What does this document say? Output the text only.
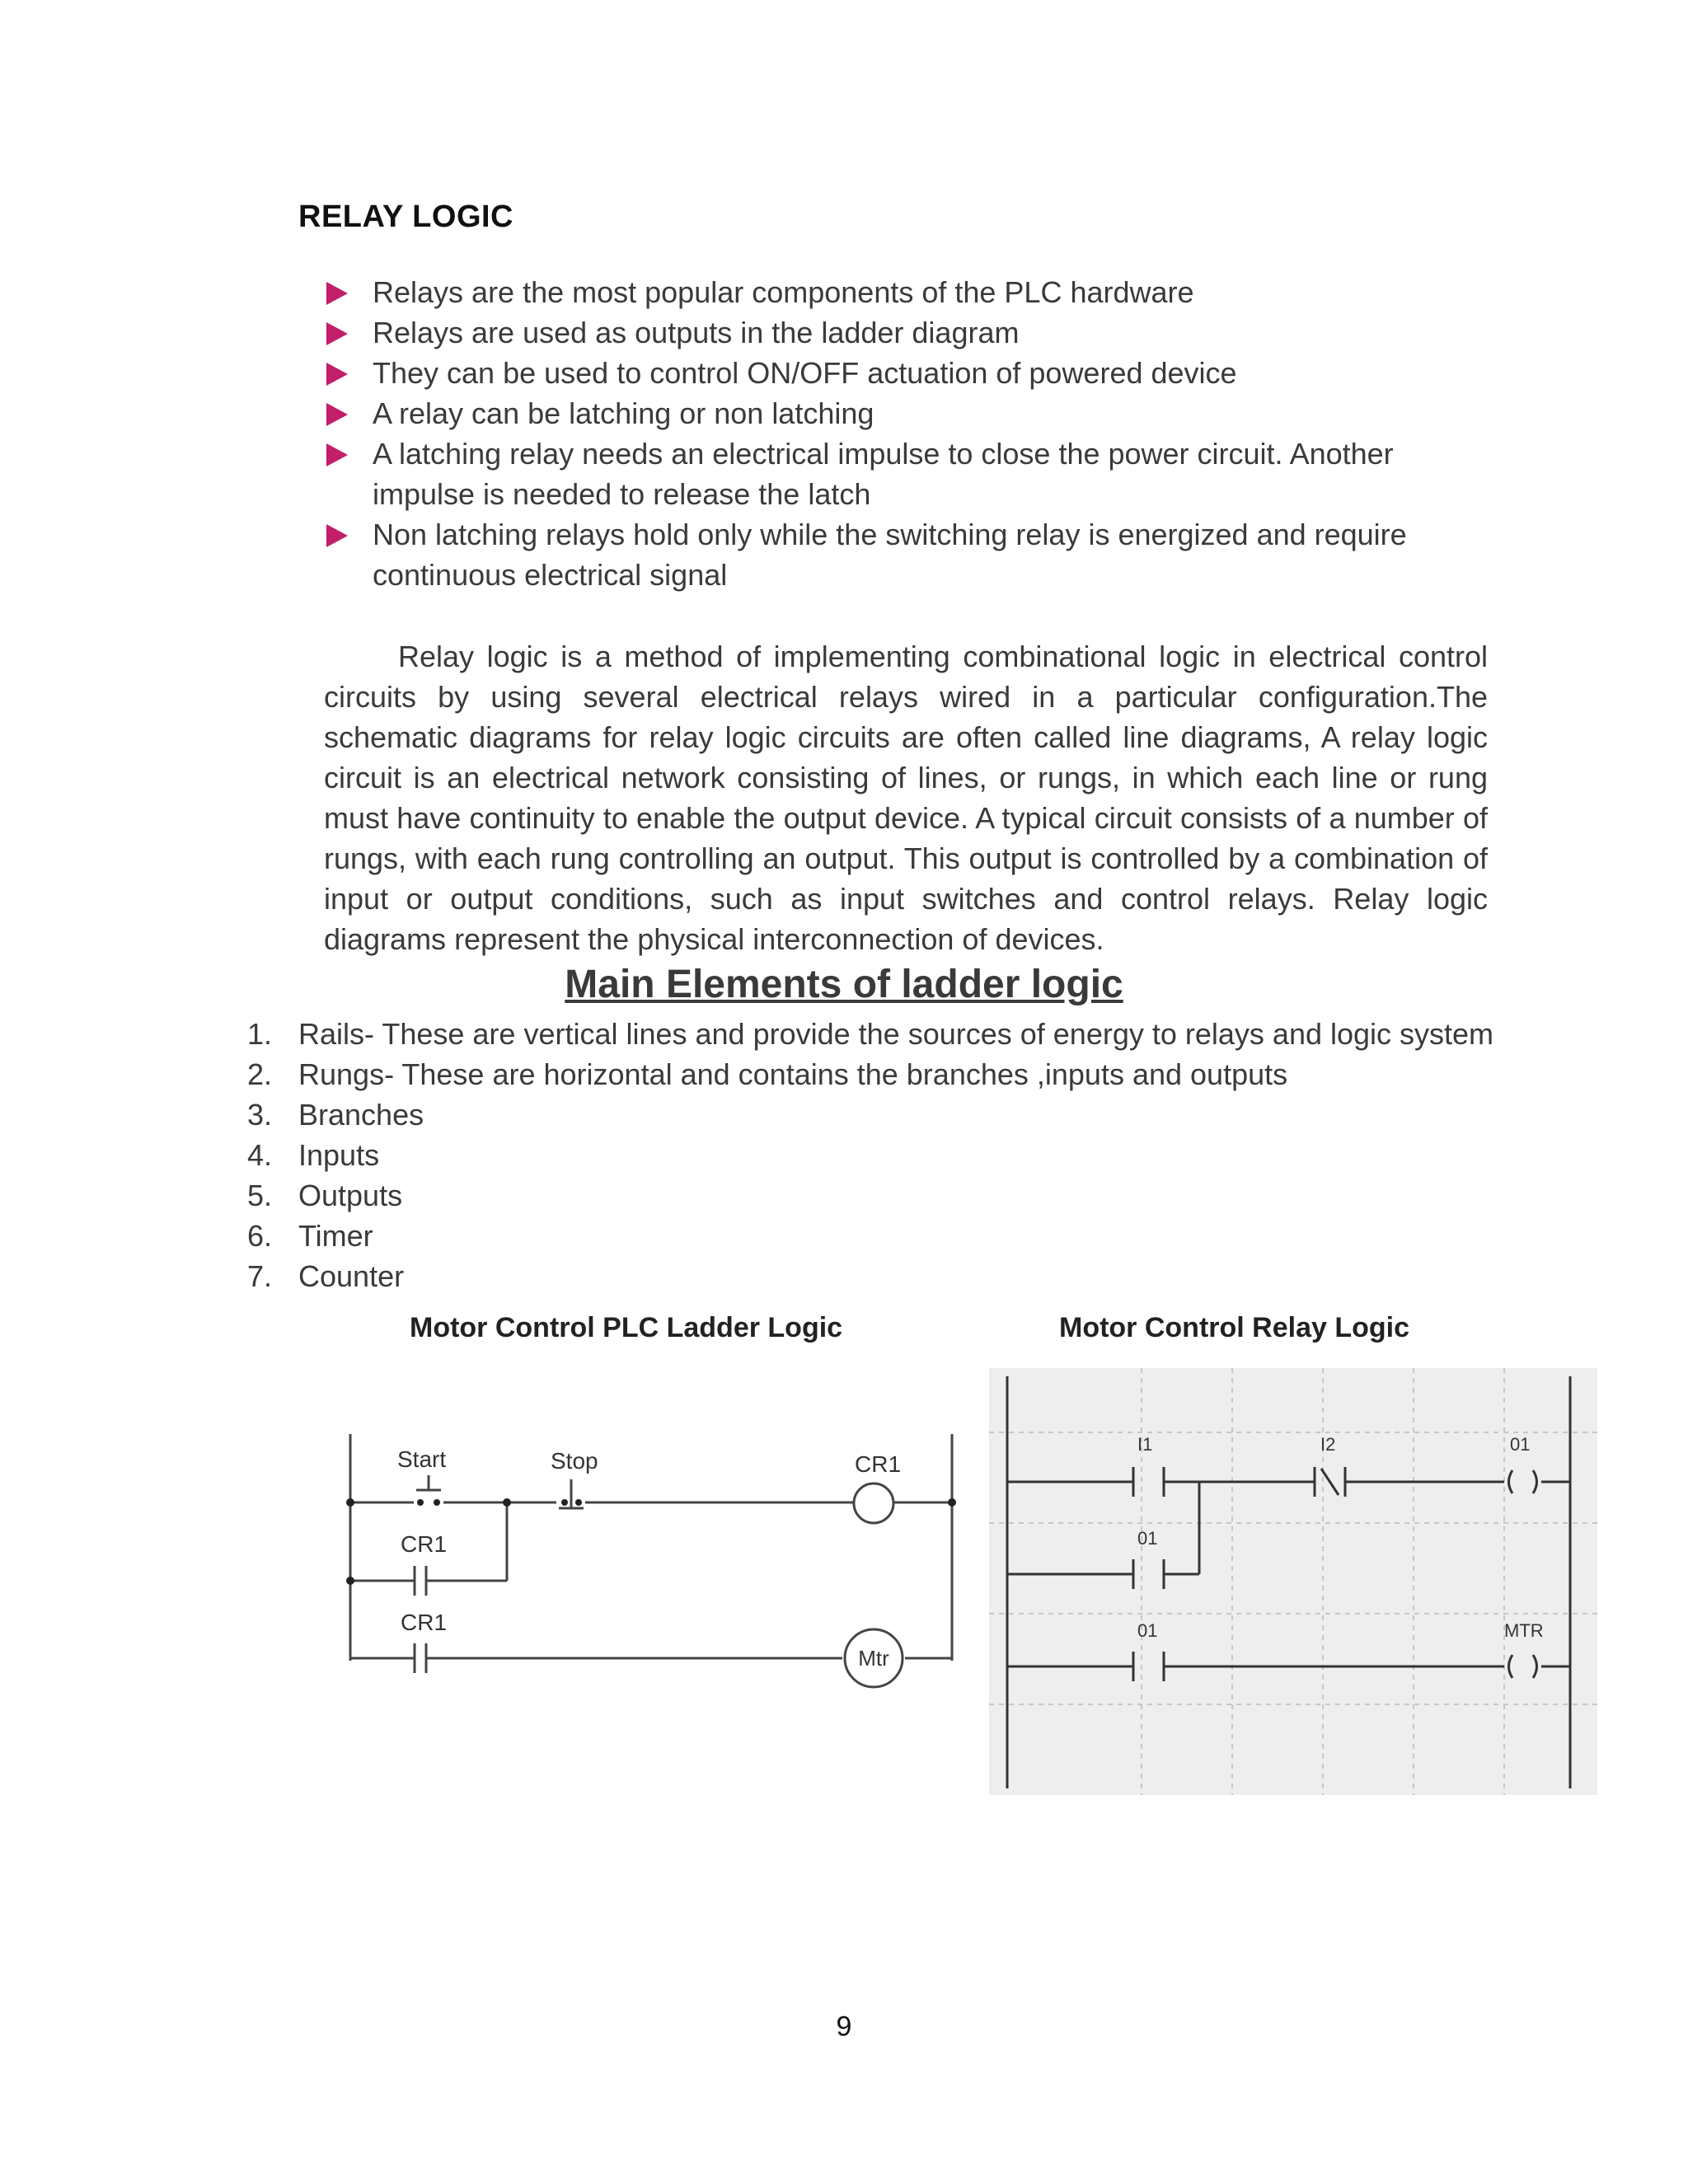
RELAY LOGIC
Relays are the most popular components of the PLC hardware
Relays are used as outputs in the ladder diagram
They can be used to control ON/OFF actuation of powered device
A relay can be latching or non latching
A latching relay needs an electrical impulse to close the power circuit. Another impulse is needed to release the latch
Non latching relays hold only while the switching relay is energized and require continuous electrical signal

Relay logic is a method of implementing combinational logic in electrical control circuits by using several electrical relays wired in a particular configuration.The schematic diagrams for relay logic circuits are often called line diagrams, A relay logic circuit is an electrical network consisting of lines, or rungs, in which each line or rung must have continuity to enable the output device. A typical circuit consists of a number of rungs, with each rung controlling an output. This output is controlled by a combination of input or output conditions, such as input switches and control relays. Relay logic diagrams represent the physical interconnection of devices.

Main Elements of ladder logic
1. Rails- These are vertical lines and provide the sources of energy to relays and logic system
2. Rungs- These are horizontal and contains the branches ,inputs and outputs
3. Branches
4. Inputs
5. Outputs
6. Timer
7. Counter
Motor Control PLC Ladder Logic
Start	Stop	CR1
CR1
CR1
Mtr
Motor Control Relay Logic
I1	I2	01
01
01	MTR
9
